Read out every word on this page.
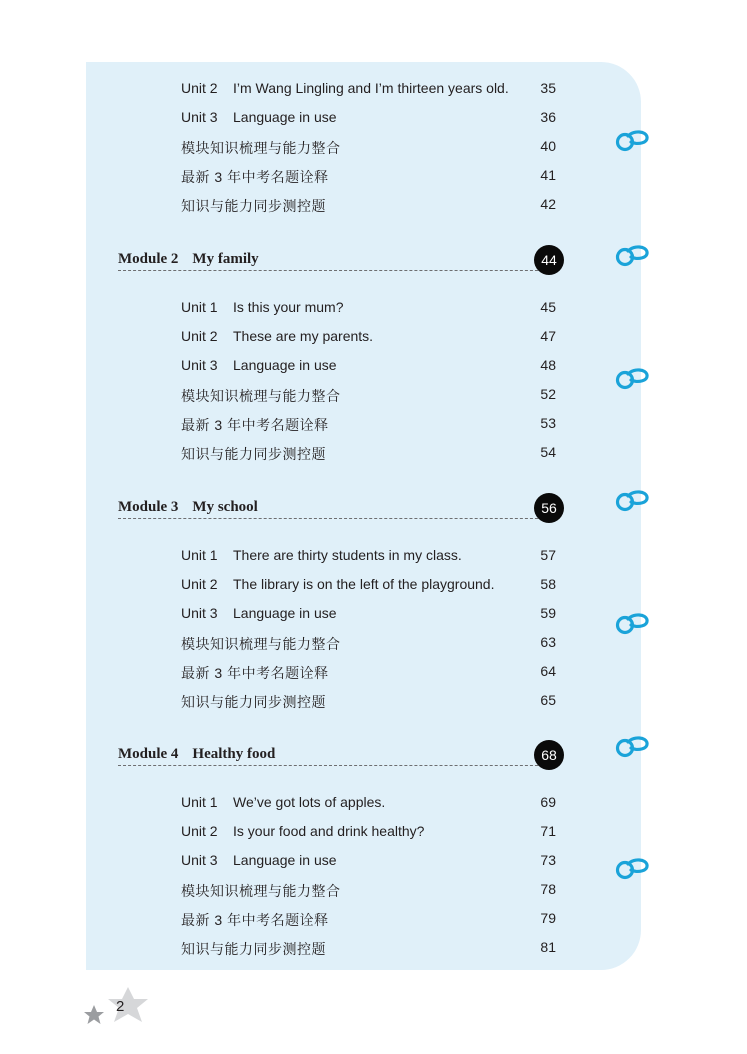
Unit 2 I’m Wang Lingling and I’m thirteen years old. 35
Unit 3 Language in use	36
模块知识梳理与能力整合	40
最新 3 年中考名题诠释	41
知识与能力同步测控题	42
Module 2 My family	44
Unit 1 Is this your mum?	45
Unit 2 These are my parents.	47
Unit 3 Language in use	48
模块知识梳理与能力整合	52
最新 3 年中考名题诠释	53
知识与能力同步测控题	54
Module 3 My school	56
Unit 1 There are thirty students in my class.	57
Unit 2 The library is on the left of the playground.	58
Unit 3 Language in use	59
模块知识梳理与能力整合	63
最新 3 年中考名题诠释	64
知识与能力同步测控题	65
Module 4 Healthy food	68
Unit 1 We’ve got lots of apples.	69
Unit 2 Is your food and drink healthy?	71
Unit 3 Language in use	73
模块知识梳理与能力整合	78
最新 3 年中考名题诠释	79
知识与能力同步测控题	81
2
